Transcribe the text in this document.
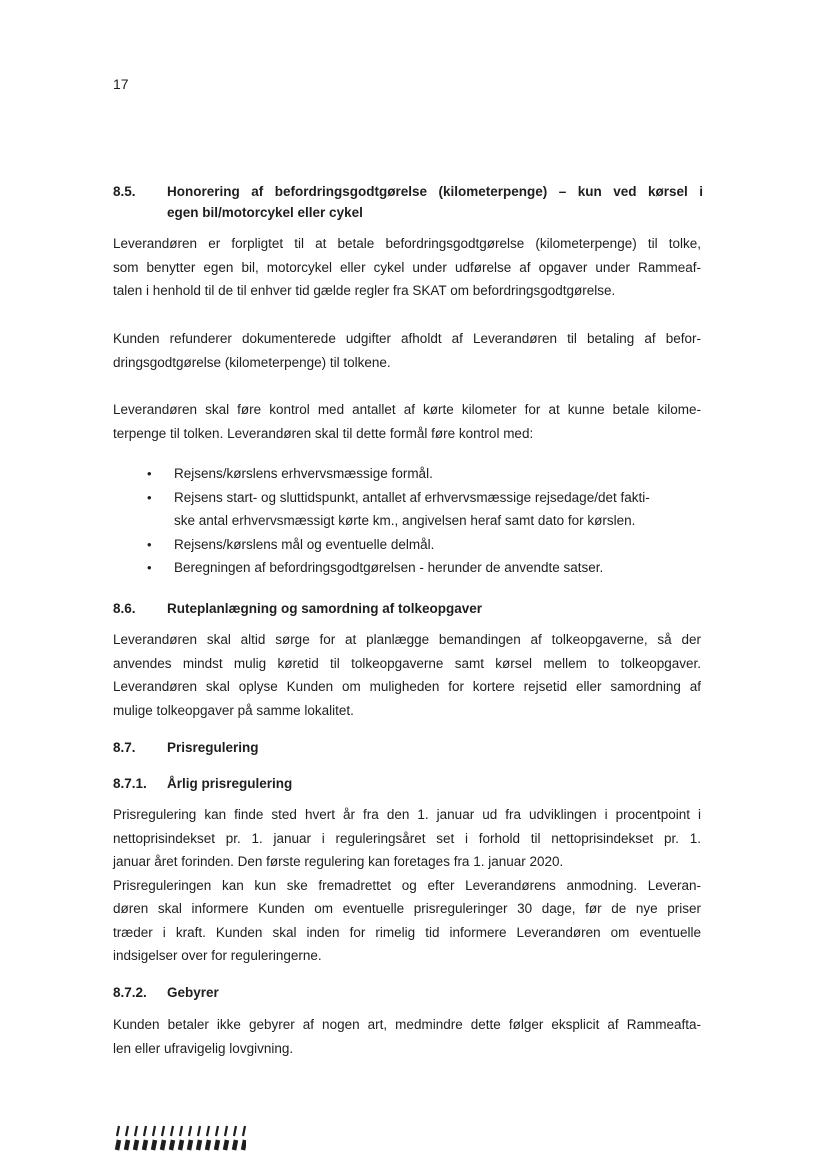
17
8.5. Honorering af befordringsgodtgørelse (kilometerpenge) – kun ved kørsel i
egen bil/motorcykel eller cykel
Leverandøren er forpligtet til at betale befordringsgodtgørelse (kilometerpenge) til tolke,
som benytter egen bil, motorcykel eller cykel under udførelse af opgaver under Rammeaf-
talen i henhold til de til enhver tid gælde regler fra SKAT om befordringsgodtgørelse.
Kunden refunderer dokumenterede udgifter afholdt af Leverandøren til betaling af befor-
dringsgodtgørelse (kilometerpenge) til tolkene.
Leverandøren skal føre kontrol med antallet af kørte kilometer for at kunne betale kilome-
terpenge til tolken. Leverandøren skal til dette formål føre kontrol med:
• Rejsens/kørslens erhvervsmæssige formål.
• Rejsens start- og sluttidspunkt, antallet af erhvervsmæssige rejsedage/det fakti-
ske antal erhvervsmæssigt kørte km., angivelsen heraf samt dato for kørslen.
• Rejsens/kørslens mål og eventuelle delmål.
• Beregningen af befordringsgodtgørelsen - herunder de anvendte satser.
8.6. Ruteplanlægning og samordning af tolkeopgaver
Leverandøren skal altid sørge for at planlægge bemandingen af tolkeopgaverne, så der
anvendes mindst mulig køretid til tolkeopgaverne samt kørsel mellem to tolkeopgaver.
Leverandøren skal oplyse Kunden om muligheden for kortere rejsetid eller samordning af
mulige tolkeopgaver på samme lokalitet.
8.7. Prisregulering
8.7.1. Årlig prisregulering
Prisregulering kan finde sted hvert år fra den 1. januar ud fra udviklingen i procentpoint i
nettoprisindekset pr. 1. januar i reguleringsåret set i forhold til nettoprisindekset pr. 1.
januar året forinden. Den første regulering kan foretages fra 1. januar 2020.
Prisreguleringen kan kun ske fremadrettet og efter Leverandørens anmodning. Leveran-
døren skal informere Kunden om eventuelle prisreguleringer 30 dage, før de nye priser
træder i kraft. Kunden skal inden for rimelig tid informere Leverandøren om eventuelle
indsigelser over for reguleringerne.
8.7.2. Gebyrer
Kunden betaler ikke gebyrer af nogen art, medmindre dette følger eksplicit af Rammeafta-
len eller ufravigelig lovgivning.
